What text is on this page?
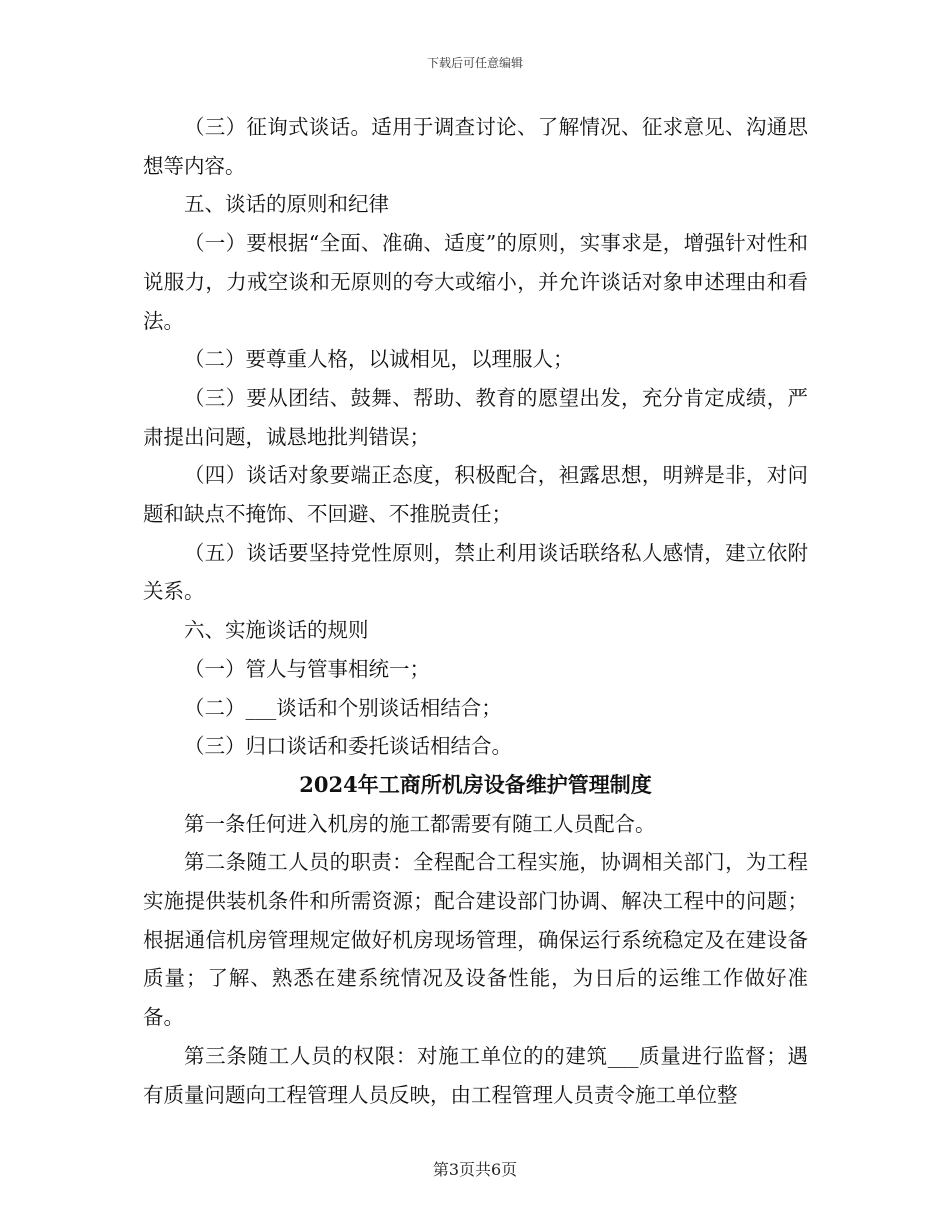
下载后可任意编辑

（三）征询式谈话。适用于调查讨论、了解情况、征求意见、沟通思想等内容。

五、谈话的原则和纪律

（一）要根据“全面、准确、适度”的原则，实事求是，增强针对性和说服力，力戒空谈和无原则的夸大或缩小，并允许谈话对象申述理由和看法。

（二）要尊重人格，以诚相见，以理服人；

（三）要从团结、鼓舞、帮助、教育的愿望出发，充分肯定成绩，严肃提出问题，诚恳地批判错误；

（四）谈话对象要端正态度，积极配合，袒露思想，明辨是非，对问题和缺点不掩饰、不回避、不推脱责任；

（五）谈话要坚持党性原则，禁止利用谈话联络私人感情，建立依附关系。

六、实施谈话的规则

（一）管人与管事相统一；

（二）___谈话和个别谈话相结合；

（三）归口谈话和委托谈话相结合。

2024年工商所机房设备维护管理制度

第一条任何进入机房的施工都需要有随工人员配合。

第二条随工人员的职责：全程配合工程实施，协调相关部门，为工程实施提供装机条件和所需资源；配合建设部门协调、解决工程中的问题；根据通信机房管理规定做好机房现场管理，确保运行系统稳定及在建设备质量；了解、熟悉在建系统情况及设备性能，为日后的运维工作做好准备。

第三条随工人员的权限：对施工单位的的建筑___质量进行监督；遇有质量问题向工程管理人员反映，由工程管理人员责令施工单位整

第3页共6页
